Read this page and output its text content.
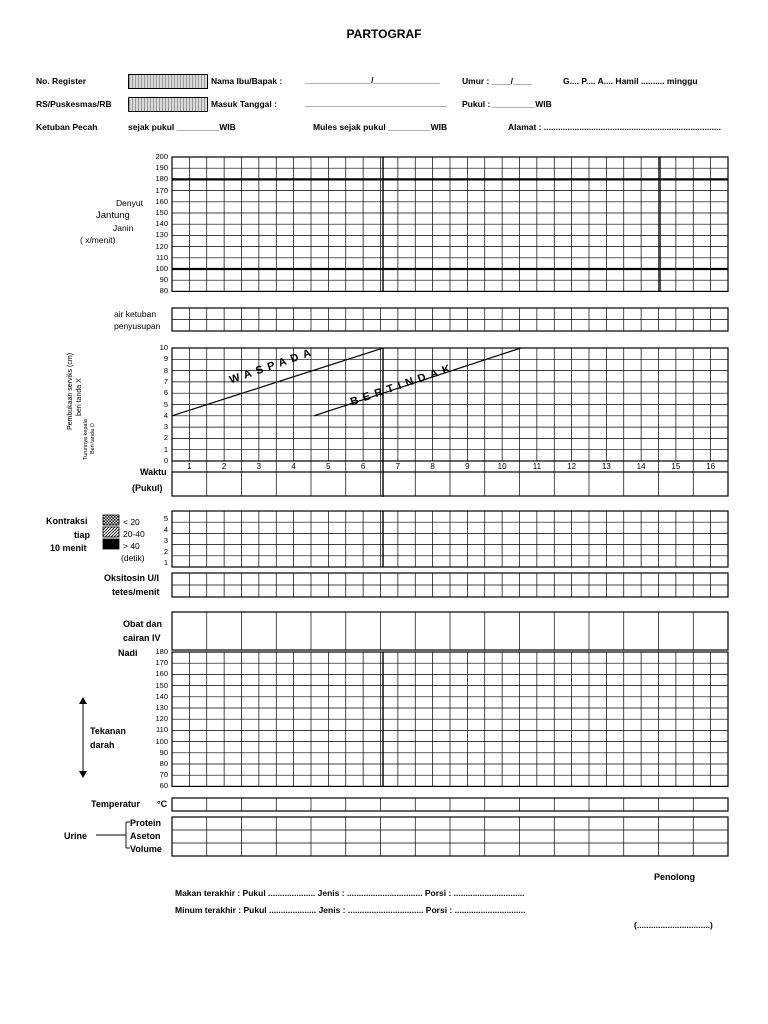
PARTOGRAF
No. Register	Nama Ibu/Bapak :	______________/______________	Umur : ____/____	G.... P.... A.... Hamil .......... minggu
RS/Puskesmas/RB	Masuk Tanggal :	______________________________ Pukul : _________WIB
Ketuban Pecah	sejak pukul _________WIB	Mules sejak pukul _________WIB	Alamat : ...........................................................................
Denyut
Jantung
Janin
( x/menit)
200
190
180
170
160
150
140
130
120
110
100
90
80
air ketuban
penyusupan
Pembukaan serviks (cm) beri tanda X
Turunnya kepala Beri tanda O
10
9
8
7
6
5
4
3
2
1
0
1	2	3	4	5	6	7	8	9	10	11	12	13	14	15	16
WASPADA	BERTINDAK
Waktu
(Pukul)
Kontraksi
tiap
10 menit
< 20
20-40
> 40
(detik)
5
4
3
2
1
Oksitosin U/I
tetes/menit
Obat dan
cairan IV
Nadi
Tekanan
darah
180
170
160
150
140
130
120
110
100
90
80
70
60
Temperatur °C
Urine
Protein
Aseton
Volume
Penolong
Makan terakhir : Pukul .................... Jenis : ................................ Porsi : ..............................
Minum terakhir : Pukul .................... Jenis : ................................ Porsi : ..............................
(...............................)
